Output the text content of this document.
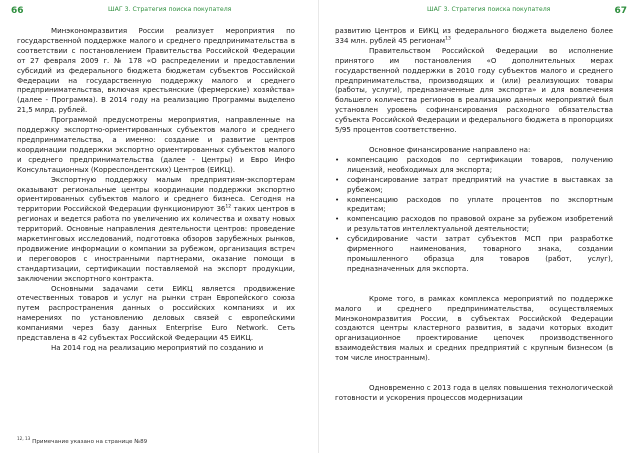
66	ШАГ 3. Стратегия поиска покупателя

Минэкономразвития России реализует мероприятия по государственной поддержке малого и среднего предпринимательства в соответствии с постановлением Правительства Российской Федерации от 27 февраля 2009 г. № 178 «О распределении и предоставлении субсидий из федерального бюджета бюджетам субъектов Российской Федерации на государственную поддержку малого и среднего предпринимательства, включая крестьянские (фермерские) хозяйства» (далее - Программа). В 2014 году на реализацию Программы выделено 21,5 млрд. рублей.

Программой предусмотрены мероприятия, направленные на поддержку экспортно-ориентированных субъектов малого и среднего предпринимательства, а именно: создание и развитие центров координации поддержки экспортно ориентированных субъектов малого и среднего предпринимательства (далее - Центры) и Евро Инфо Консультационных (Корреспондентских) Центров (ЕИКЦ).

Экспортную поддержку малым предприятиям-экспортерам оказывают региональные центры координации поддержки экспортно ориентированных субъектов малого и среднего бизнеса. Сегодня на территории Российской Федерации функционируют $36^{12}$ таких центров в регионах и ведется работа по увеличению их количества и охвату новых территорий. Основные направления деятельности центров: проведение маркетинговых исследований, подготовка обзоров зарубежных рынков, продвижение информации о компании за рубежом, организация встреч и переговоров с иностранными партнерами, оказание помощи в стандартизации, сертификации поставляемой на экспорт продукции, заключении экспортного контракта.

Основными задачами сети ЕИКЦ является продвижение отечественных товаров и услуг на рынки стран Европейского союза путем распространения данных о российских компаниях и их намерениях по установлению деловых связей с европейскими компаниями через базу данных Enterprise Euro Network. Сеть представлена в 42 субъектах Российской Федерации 45 ЕИКЦ.

На 2014 год на реализацию мероприятий по созданию и

$^{12, 13}$ Примечание указано на странице №89
ШАГ 3. Стратегия поиска покупателя	67

развитию Центров и ЕИКЦ из федерального бюджета выделено более 334 млн. рублей 45 регионам$^{13}$

Правительством Российской Федерации во исполнение принятого им постановления «О дополнительных мерах государственной поддержки в 2010 году субъектов малого и среднего предпринимательства, производящих и (или) реализующих товары (работы, услуги), предназначенные для экспорта» и для вовлечения большего количества регионов в реализацию данных мероприятий был установлен уровень софинансирования расходного обязательства субъекта Российской Федерации и федерального бюджета в пропорциях 5/95 процентов соответственно.

Основное финансирование направлено на:

• компенсацию расходов по сертификации товаров, получению лицензий, необходимых для экспорта;
• софинансирование затрат предприятий на участие в выставках за рубежом;
• компенсацию расходов по уплате процентов по экспортным кредитам;
• компенсацию расходов по правовой охране за рубежом изобретений и результатов интеллектуальной деятельности;
• субсидирование части затрат субъектов МСП при разработке фирменного наименования, товарного знака, создании промышленного образца для товаров (работ, услуг), предназначенных для экспорта.

Кроме того, в рамках комплекса мероприятий по поддержке малого и среднего предпринимательства, осуществляемых Минэкономразвития России, в субъектах Российской Федерации создаются центры кластерного развития, в задачи которых входит организационное проектирование цепочек производственного взаимодействия малых и средних предприятий с крупным бизнесом (в том числе иностранным).

Одновременно с 2013 года в целях повышения технологической готовности и ускорения процессов модернизации
